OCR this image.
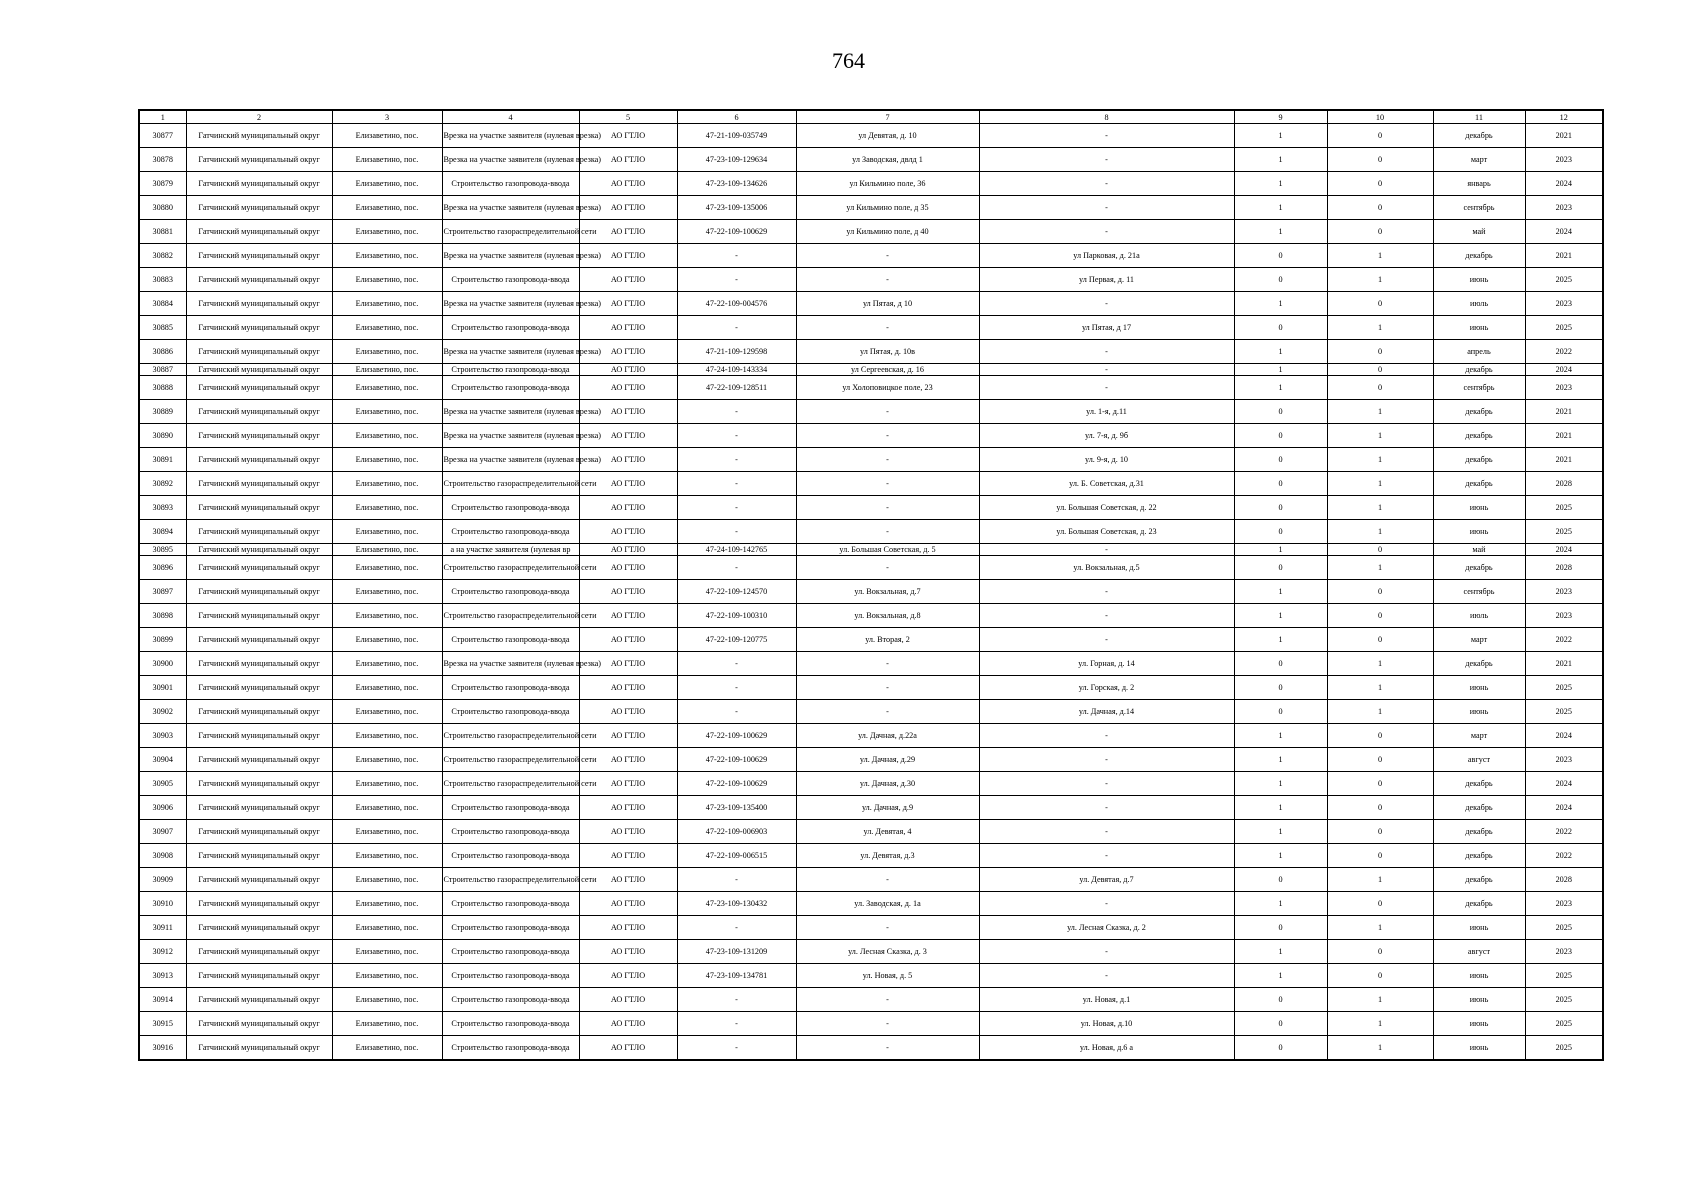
764
1	2	3	4	5	6	7	8	9	10	11	12
30877	Гатчинский муниципальный округ	Елизаветино, пос.	Врезка на участке заявителя (нулевая врезка)	АО ГТЛО	47-21-109-035749	ул Девятая, д. 10	-	1	0	декабрь	2021
30878	Гатчинский муниципальный округ	Елизаветино, пос.	Врезка на участке заявителя (нулевая врезка)	АО ГТЛО	47-23-109-129634	ул Заводская, двлд 1	-	1	0	март	2023
30879	Гатчинский муниципальный округ	Елизаветино, пос.	Строительство газопровода-ввода	АО ГТЛО	47-23-109-134626	ул Кильмино поле, 36	-	1	0	январь	2024
30880	Гатчинский муниципальный округ	Елизаветино, пос.	Врезка на участке заявителя (нулевая врезка)	АО ГТЛО	47-23-109-135006	ул Кильмино поле, д 35	-	1	0	сентябрь	2023
30881	Гатчинский муниципальный округ	Елизаветино, пос.	Строительство газораспределительной сети	АО ГТЛО	47-22-109-100629	ул Кильмино поле, д 40	-	1	0	май	2024
30882	Гатчинский муниципальный округ	Елизаветино, пос.	Врезка на участке заявителя (нулевая врезка)	АО ГТЛО	-	-	ул Парковая, д. 21а	0	1	декабрь	2021
30883	Гатчинский муниципальный округ	Елизаветино, пос.	Строительство газопровода-ввода	АО ГТЛО	-	-	ул Первая, д. 11	0	1	июнь	2025
30884	Гатчинский муниципальный округ	Елизаветино, пос.	Врезка на участке заявителя (нулевая врезка)	АО ГТЛО	47-22-109-004576	ул Пятая, д 10	-	1	0	июль	2023
30885	Гатчинский муниципальный округ	Елизаветино, пос.	Строительство газопровода-ввода	АО ГТЛО	-	-	ул Пятая, д 17	0	1	июнь	2025
30886	Гатчинский муниципальный округ	Елизаветино, пос.	Врезка на участке заявителя (нулевая врезка)	АО ГТЛО	47-21-109-129598	ул Пятая, д. 10в	-	1	0	апрель	2022
30887	Гатчинский муниципальный округ	Елизаветино, пос.	Строительство газопровода-ввода	АО ГТЛО	47-24-109-143334	ул Сергеевская, д. 16	-	1	0	декабрь	2024
30888	Гатчинский муниципальный округ	Елизаветино, пос.	Строительство газопровода-ввода	АО ГТЛО	47-22-109-128511	ул Холоповицкое поле, 23	-	1	0	сентябрь	2023
30889	Гатчинский муниципальный округ	Елизаветино, пос.	Врезка на участке заявителя (нулевая врезка)	АО ГТЛО	-	-	ул. 1-я, д.11	0	1	декабрь	2021
30890	Гатчинский муниципальный округ	Елизаветино, пос.	Врезка на участке заявителя (нулевая врезка)	АО ГТЛО	-	-	ул. 7-я, д. 9б	0	1	декабрь	2021
30891	Гатчинский муниципальный округ	Елизаветино, пос.	Врезка на участке заявителя (нулевая врезка)	АО ГТЛО	-	-	ул. 9-я, д. 10	0	1	декабрь	2021
30892	Гатчинский муниципальный округ	Елизаветино, пос.	Строительство газораспределительной сети	АО ГТЛО	-	-	ул. Б. Советская, д.31	0	1	декабрь	2028
30893	Гатчинский муниципальный округ	Елизаветино, пос.	Строительство газопровода-ввода	АО ГТЛО	-	-	ул. Большая Советская, д. 22	0	1	июнь	2025
30894	Гатчинский муниципальный округ	Елизаветино, пос.	Строительство газопровода-ввода	АО ГТЛО	-	-	ул. Большая Советская, д. 23	0	1	июнь	2025
30895	Гатчинский муниципальный округ	Елизаветино, пос.	а на участке заявителя (нулевая вр	АО ГТЛО	47-24-109-142765	ул. Большая Советская, д. 5	-	1	0	май	2024
30896	Гатчинский муниципальный округ	Елизаветино, пос.	Строительство газораспределительной сети	АО ГТЛО	-	-	ул. Вокзальная, д.5	0	1	декабрь	2028
30897	Гатчинский муниципальный округ	Елизаветино, пос.	Строительство газопровода-ввода	АО ГТЛО	47-22-109-124570	ул. Вокзальная, д.7	-	1	0	сентябрь	2023
30898	Гатчинский муниципальный округ	Елизаветино, пос.	Строительство газораспределительной сети	АО ГТЛО	47-22-109-100310	ул. Вокзальная, д.8	-	1	0	июль	2023
30899	Гатчинский муниципальный округ	Елизаветино, пос.	Строительство газопровода-ввода	АО ГТЛО	47-22-109-120775	ул. Вторая, 2	-	1	0	март	2022
30900	Гатчинский муниципальный округ	Елизаветино, пос.	Врезка на участке заявителя (нулевая врезка)	АО ГТЛО	-	-	ул. Горная, д. 14	0	1	декабрь	2021
30901	Гатчинский муниципальный округ	Елизаветино, пос.	Строительство газопровода-ввода	АО ГТЛО	-	-	ул. Горская, д. 2	0	1	июнь	2025
30902	Гатчинский муниципальный округ	Елизаветино, пос.	Строительство газопровода-ввода	АО ГТЛО	-	-	ул. Дачная, д.14	0	1	июнь	2025
30903	Гатчинский муниципальный округ	Елизаветино, пос.	Строительство газораспределительной сети	АО ГТЛО	47-22-109-100629	ул. Дачная, д.22а	-	1	0	март	2024
30904	Гатчинский муниципальный округ	Елизаветино, пос.	Строительство газораспределительной сети	АО ГТЛО	47-22-109-100629	ул. Дачная, д.29	-	1	0	август	2023
30905	Гатчинский муниципальный округ	Елизаветино, пос.	Строительство газораспределительной сети	АО ГТЛО	47-22-109-100629	ул. Дачная, д.30	-	1	0	декабрь	2024
30906	Гатчинский муниципальный округ	Елизаветино, пос.	Строительство газопровода-ввода	АО ГТЛО	47-23-109-135400	ул. Дачная, д.9	-	1	0	декабрь	2024
30907	Гатчинский муниципальный округ	Елизаветино, пос.	Строительство газопровода-ввода	АО ГТЛО	47-22-109-006903	ул. Девятая, 4	-	1	0	декабрь	2022
30908	Гатчинский муниципальный округ	Елизаветино, пос.	Строительство газопровода-ввода	АО ГТЛО	47-22-109-006515	ул. Девятая, д.3	-	1	0	декабрь	2022
30909	Гатчинский муниципальный округ	Елизаветино, пос.	Строительство газораспределительной сети	АО ГТЛО	-	-	ул. Девятая, д.7	0	1	декабрь	2028
30910	Гатчинский муниципальный округ	Елизаветино, пос.	Строительство газопровода-ввода	АО ГТЛО	47-23-109-130432	ул. Заводская, д. 1а	-	1	0	декабрь	2023
30911	Гатчинский муниципальный округ	Елизаветино, пос.	Строительство газопровода-ввода	АО ГТЛО	-	-	ул. Лесная Сказка, д. 2	0	1	июнь	2025
30912	Гатчинский муниципальный округ	Елизаветино, пос.	Строительство газопровода-ввода	АО ГТЛО	47-23-109-131209	ул. Лесная Сказка, д. 3	-	1	0	август	2023
30913	Гатчинский муниципальный округ	Елизаветино, пос.	Строительство газопровода-ввода	АО ГТЛО	47-23-109-134781	ул. Новая, д. 5	-	1	0	июнь	2025
30914	Гатчинский муниципальный округ	Елизаветино, пос.	Строительство газопровода-ввода	АО ГТЛО	-	-	ул. Новая, д.1	0	1	июнь	2025
30915	Гатчинский муниципальный округ	Елизаветино, пос.	Строительство газопровода-ввода	АО ГТЛО	-	-	ул. Новая, д.10	0	1	июнь	2025
30916	Гатчинский муниципальный округ	Елизаветино, пос.	Строительство газопровода-ввода	АО ГТЛО	-	-	ул. Новая, д.6 а	0	1	июнь	2025
